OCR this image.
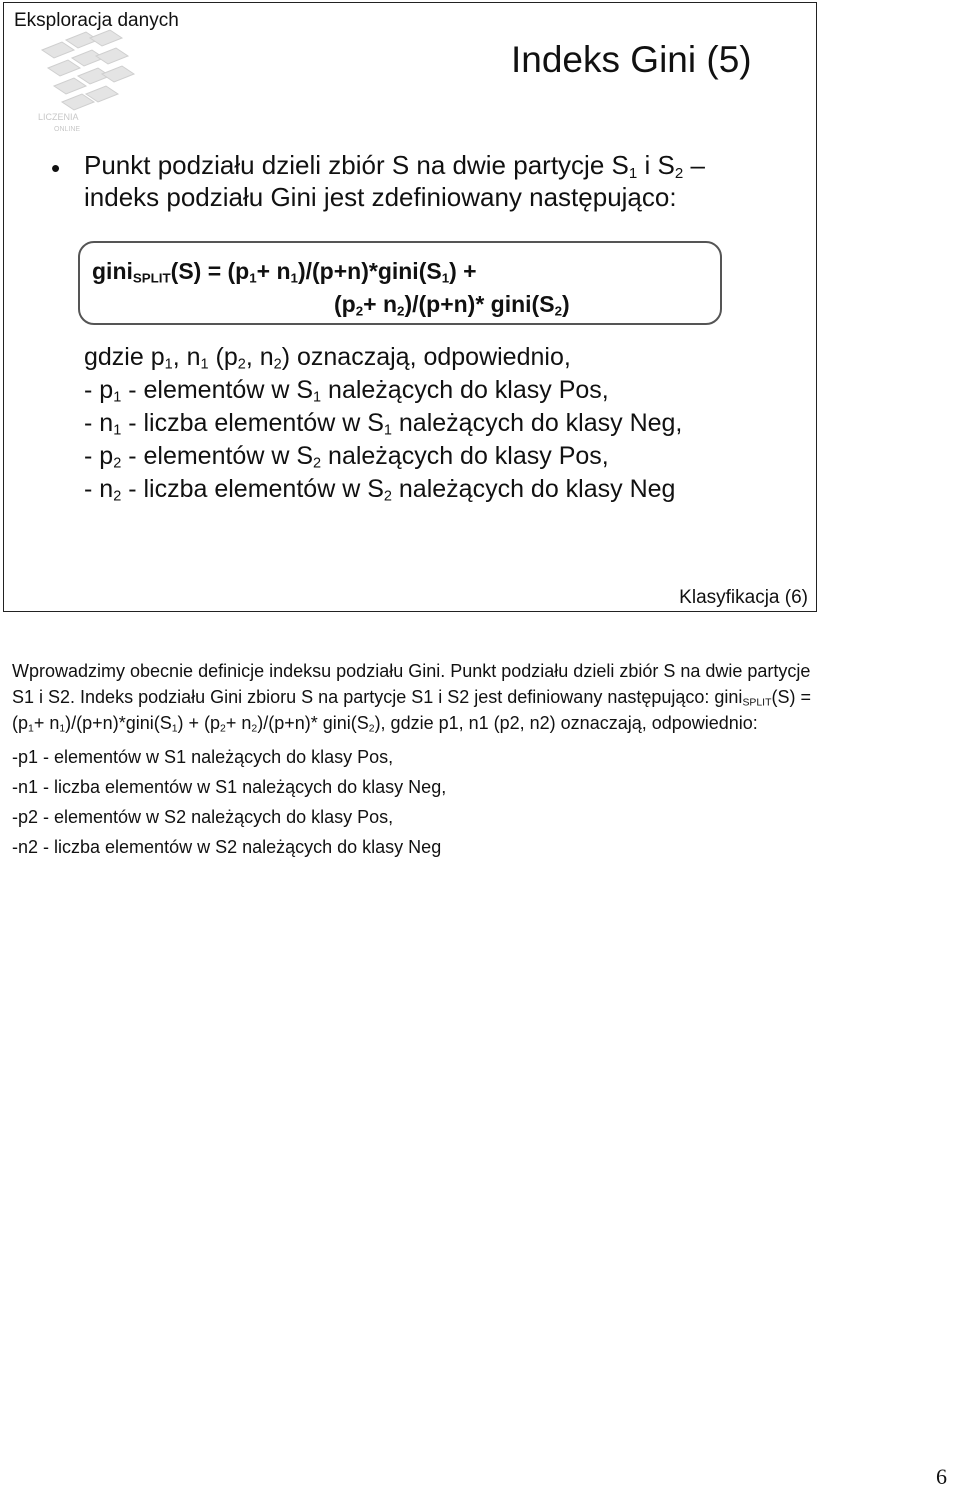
Eksploracja danych

LICZENIA
ONLINE
Indeks Gini (5)
• Punkt podziału dzieli zbiór S na dwie partycje $S_1$ i $S_2$ –
indeks podziału Gini jest zdefiniowany następująco:
gini$_{SPLIT}$(S) = ($p_1+$ $n_1)/(p+n)*gini(S_1)$ +
$(p_2+ n_2)/(p+n)*$ $gini(S_2)$
gdzie $p_1$, $n_1$ ($p_2$, $n_2$) oznaczają, odpowiednio,
- $p_1$ - elementów w $S_1$ należących do klasy Pos,
- $n_1$ - liczba elementów w $S_1$ należących do klasy Neg,
- $p_2$ - elementów w $S_2$ należących do klasy Pos,
- $n_2$ - liczba elementów w $S_2$ należących do klasy Neg
Klasyfikacja (6)

Wprowadzimy obecnie definicje indeksu podziału Gini. Punkt podziału dzieli zbiór S na dwie partycje S1 i S2. Indeks podziału Gini zbioru S na partycje S1 i S2 jest definiowany następująco: gini$_{SPLIT}$(S) = ($p_1+$ $n_1)/(p+n)*gini(S_1) + (p_2+ n_2)/(p+n)*$ $gini(S_2)$, gdzie p1, n1 (p2, n2) oznaczają, odpowiednio:

-p1 - elementów w S1 należących do klasy Pos,

-n1 - liczba elementów w S1 należących do klasy Neg,

-p2 - elementów w S2 należących do klasy Pos,

-n2 - liczba elementów w S2 należących do klasy Neg

6
